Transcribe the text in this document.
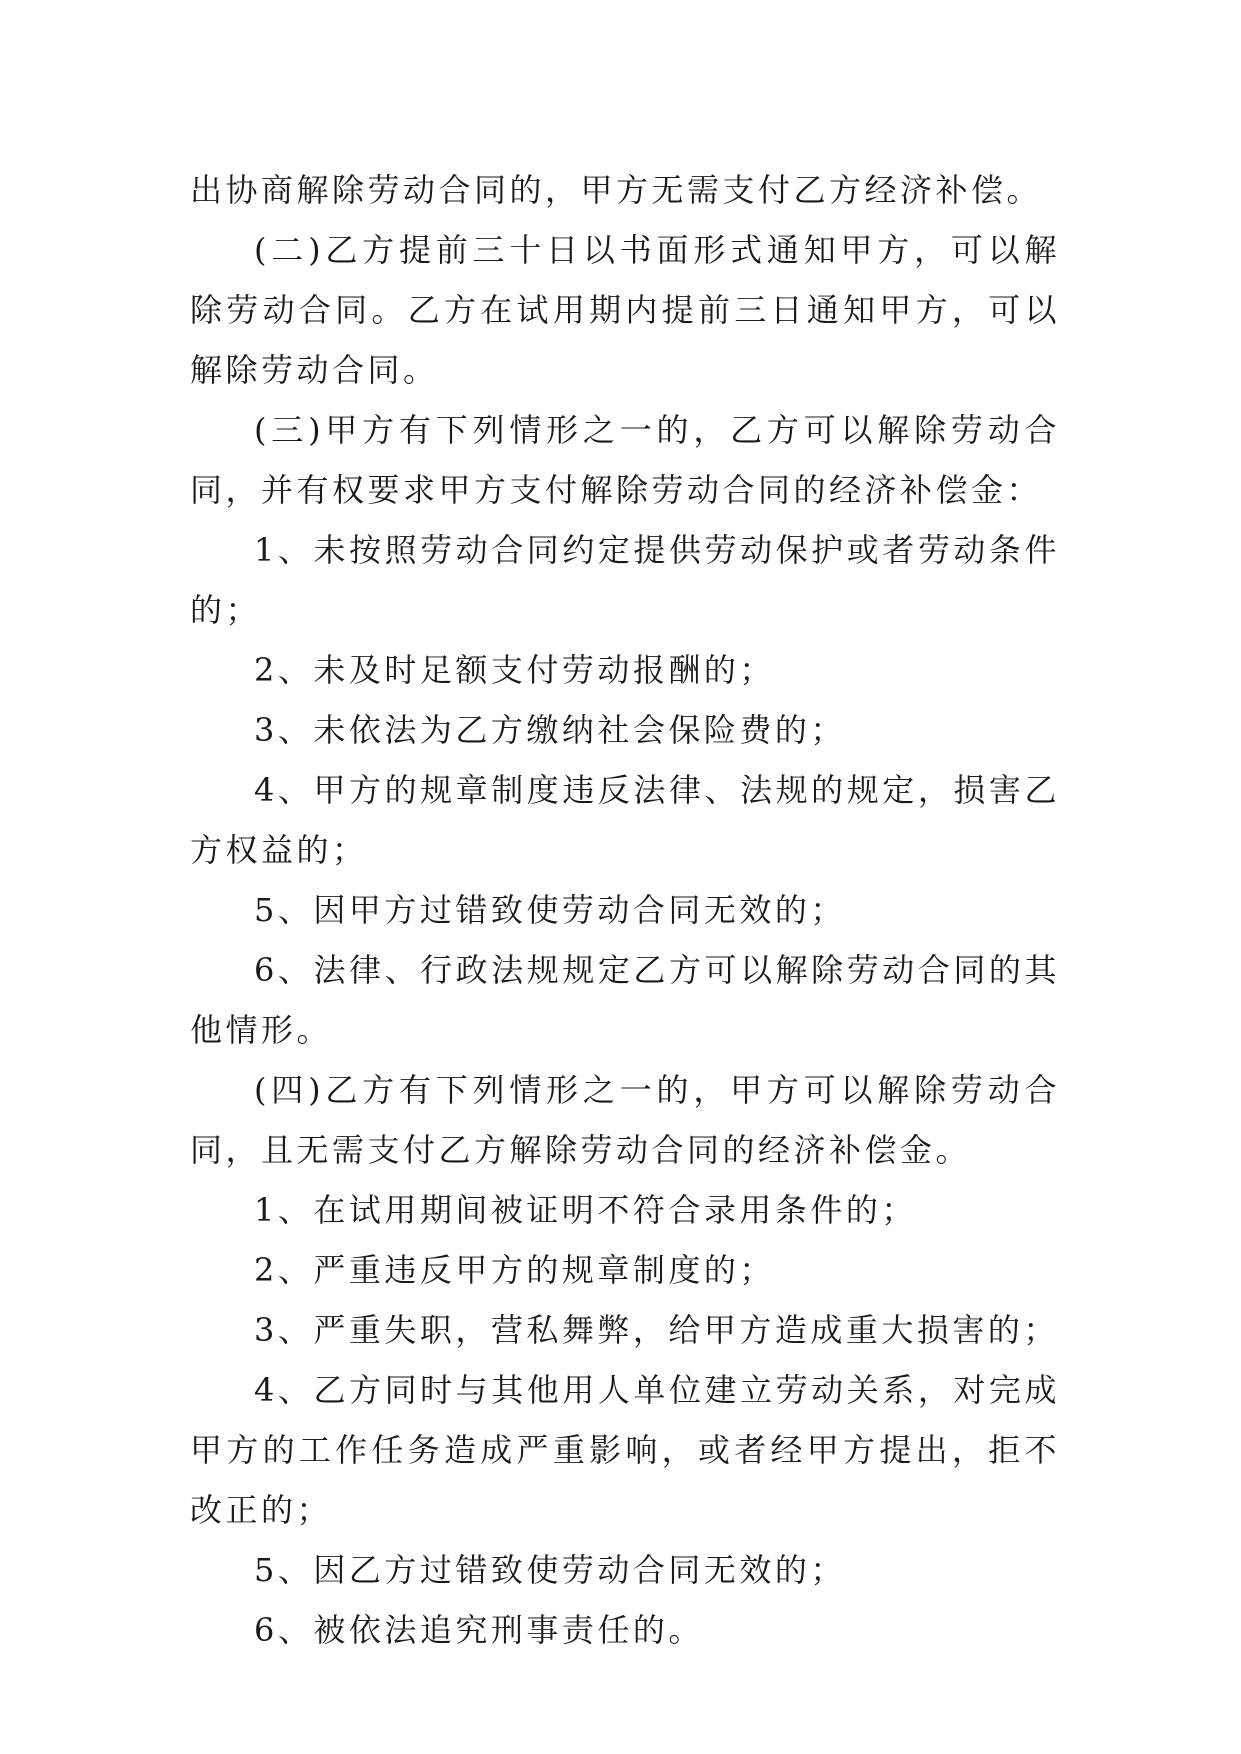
出协商解除劳动合同的，甲方无需支付乙方经济补偿。

(二)乙方提前三十日以书面形式通知甲方，可以解除劳动合同。乙方在试用期内提前三日通知甲方，可以解除劳动合同。

(三)甲方有下列情形之一的，乙方可以解除劳动合同，并有权要求甲方支付解除劳动合同的经济补偿金：

1、未按照劳动合同约定提供劳动保护或者劳动条件的；

2、未及时足额支付劳动报酬的；

3、未依法为乙方缴纳社会保险费的；

4、甲方的规章制度违反法律、法规的规定，损害乙方权益的；

5、因甲方过错致使劳动合同无效的；

6、法律、行政法规规定乙方可以解除劳动合同的其他情形。

(四)乙方有下列情形之一的，甲方可以解除劳动合同，且无需支付乙方解除劳动合同的经济补偿金。

1、在试用期间被证明不符合录用条件的；

2、严重违反甲方的规章制度的；

3、严重失职，营私舞弊，给甲方造成重大损害的；

4、乙方同时与其他用人单位建立劳动关系，对完成甲方的工作任务造成严重影响，或者经甲方提出，拒不改正的；

5、因乙方过错致使劳动合同无效的；

6、被依法追究刑事责任的。
